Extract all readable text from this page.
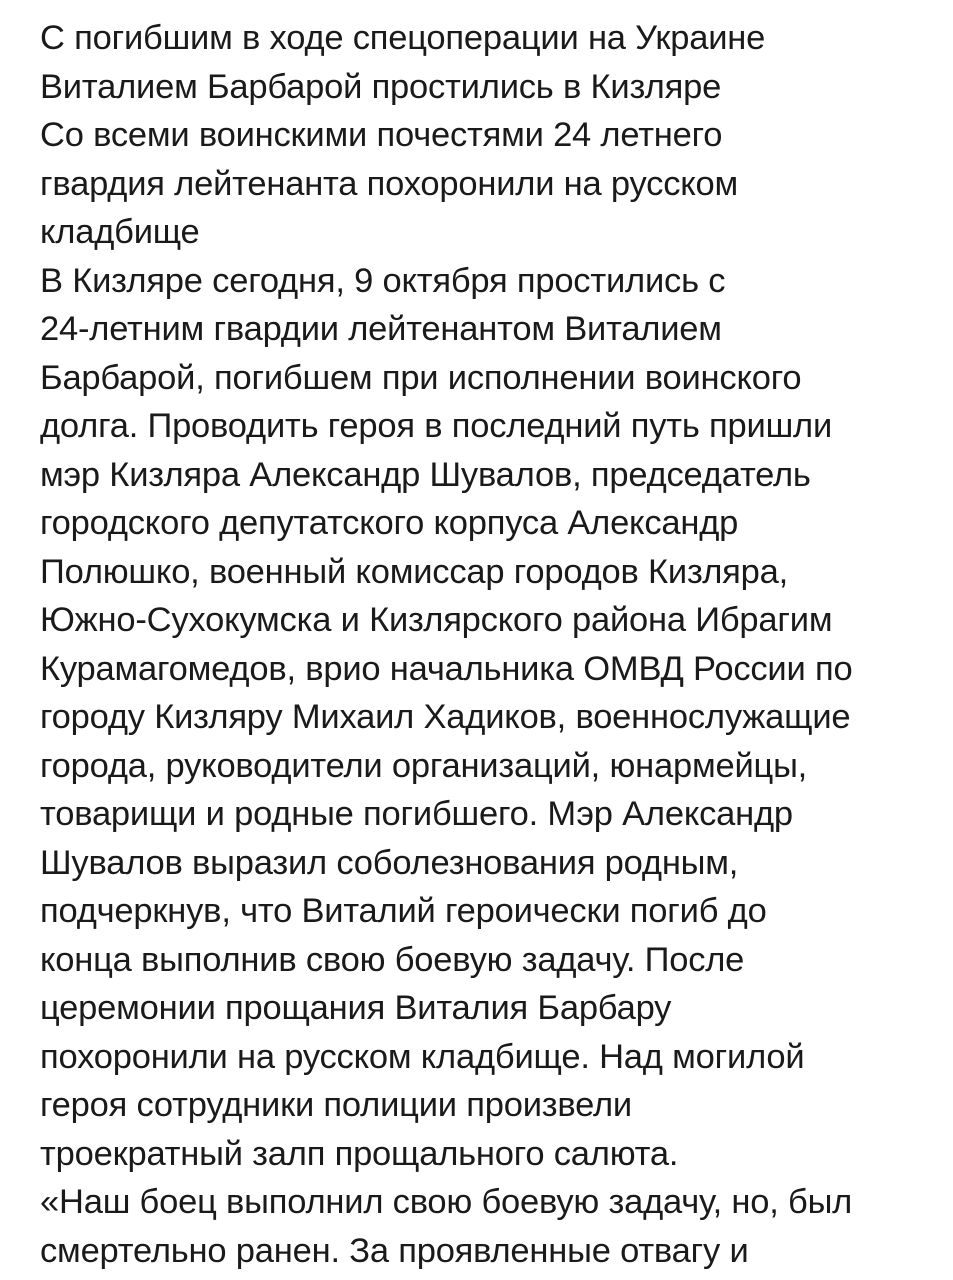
С погибшим в ходе спецоперации на Украине
Виталием Барбарой простились в Кизляре
Со всеми воинскими почестями 24 летнего
гвардия лейтенанта похоронили на русском
кладбище
В Кизляре сегодня, 9 октября простились с
24-летним гвардии лейтенантом Виталием
Барбарой, погибшем при исполнении воинского
долга. Проводить героя в последний путь пришли
мэр Кизляра Александр Шувалов, председатель
городского депутатского корпуса Александр
Полюшко, военный комиссар городов Кизляра,
Южно-Сухокумска и Кизлярского района Ибрагим
Курамагомедов, врио начальника ОМВД России по
городу Кизляру Михаил Хадиков, военнослужащие
города, руководители организаций, юнармейцы,
товарищи и родные погибшего. Мэр Александр
Шувалов выразил соболезнования родным,
подчеркнув, что Виталий героически погиб до
конца выполнив свою боевую задачу. После
церемонии прощания Виталия Барбару
похоронили на русском кладбище. Над могилой
героя сотрудники полиции произвели
троекратный залп прощального салюта.
«Наш боец выполнил свою боевую задачу, но, был
смертельно ранен. За проявленные отвагу и
